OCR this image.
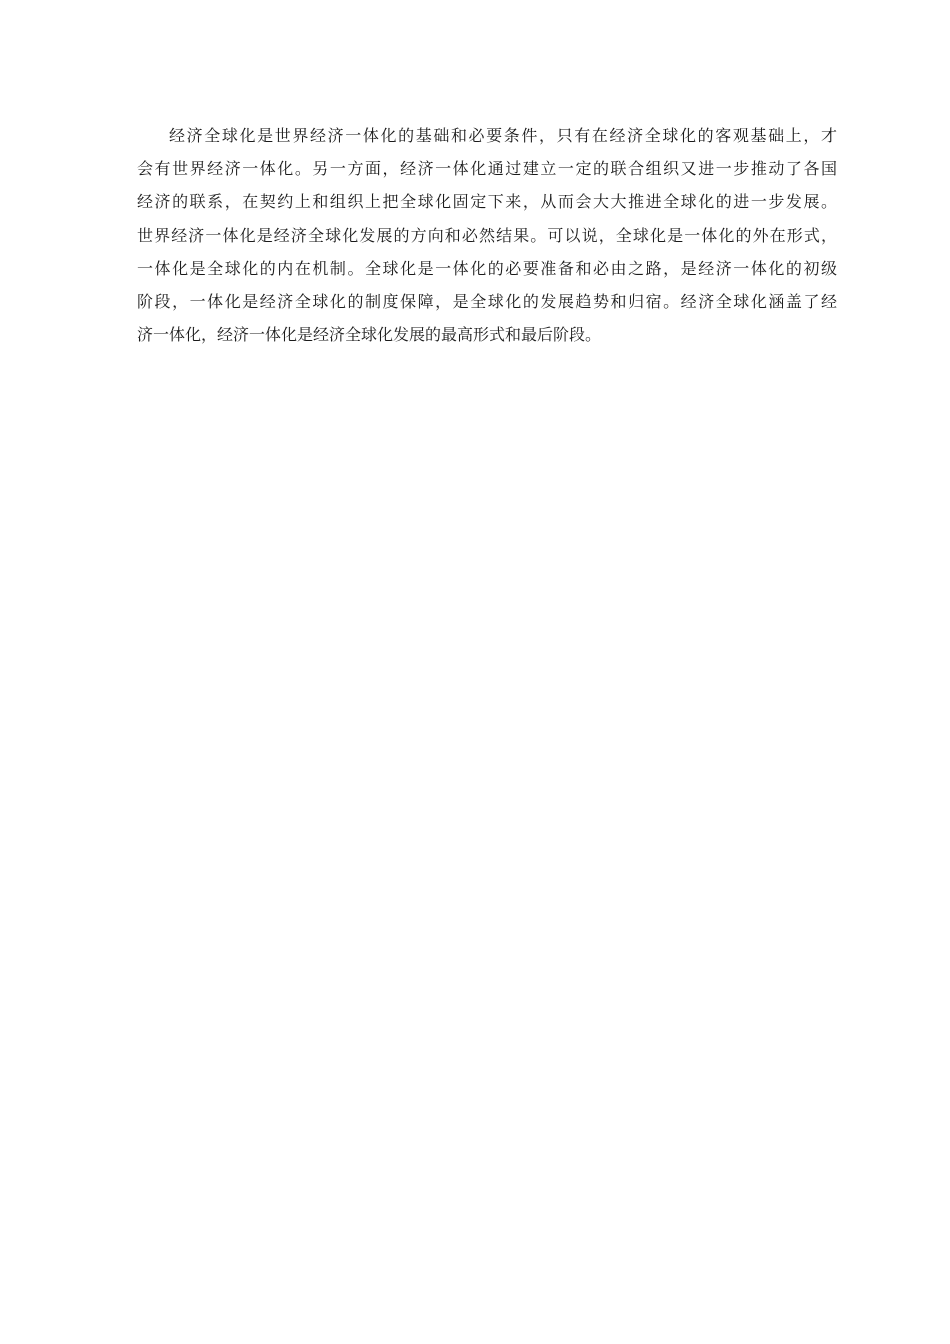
经济全球化是世界经济一体化的基础和必要条件，只有在经济全球化的客观基础上，才
会有世界经济一体化。另一方面，经济一体化通过建立一定的联合组织又进一步推动了各国
经济的联系，在契约上和组织上把全球化固定下来，从而会大大推进全球化的进一步发展。
世界经济一体化是经济全球化发展的方向和必然结果。可以说，全球化是一体化的外在形式，
一体化是全球化的内在机制。全球化是一体化的必要准备和必由之路，是经济一体化的初级
阶段，一体化是经济全球化的制度保障，是全球化的发展趋势和归宿。经济全球化涵盖了经
济一体化，经济一体化是经济全球化发展的最高形式和最后阶段。
